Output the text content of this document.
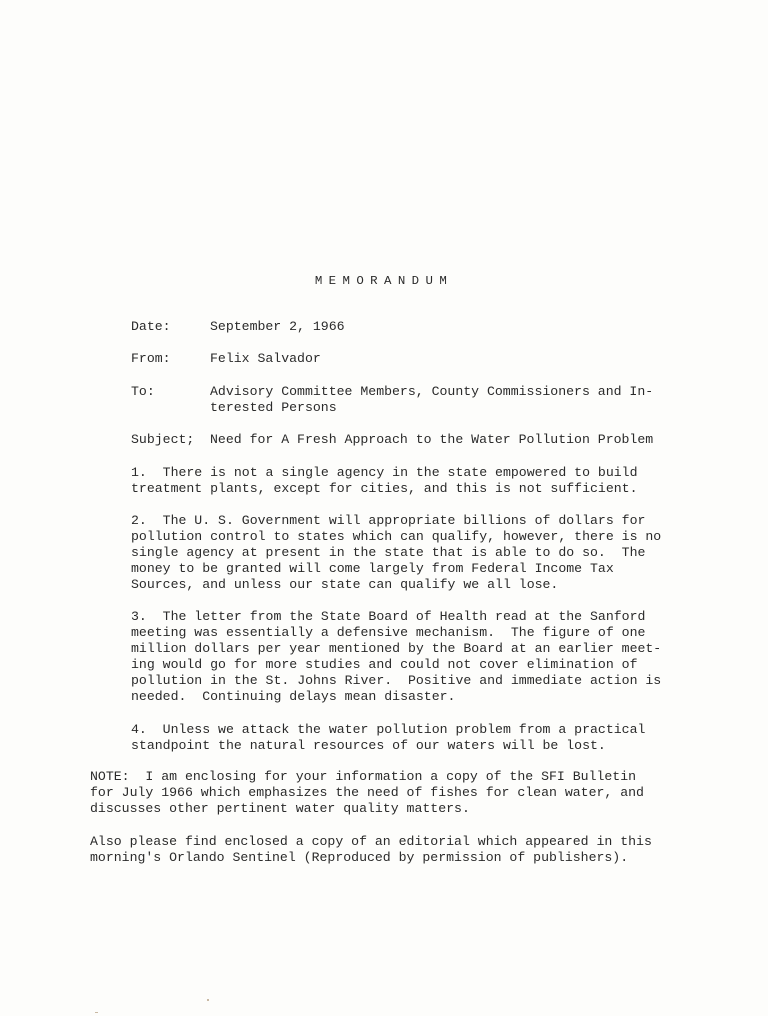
MEMORANDUM
Date:	September 2, 1966
From:	Felix Salvador
To:	Advisory Committee Members, County Commissioners and In-
terested Persons
Subject; Need for A Fresh Approach to the Water Pollution Problem
1.  There is not a single agency in the state empowered to build
treatment plants, except for cities, and this is not sufficient.
2.  The U. S. Government will appropriate billions of dollars for
pollution control to states which can qualify, however, there is no
single agency at present in the state that is able to do so.  The
money to be granted will come largely from Federal Income Tax
Sources, and unless our state can qualify we all lose.
3.  The letter from the State Board of Health read at the Sanford
meeting was essentially a defensive mechanism.  The figure of one
million dollars per year mentioned by the Board at an earlier meet-
ing would go for more studies and could not cover elimination of
pollution in the St. Johns River.  Positive and immediate action is
needed.  Continuing delays mean disaster.
4.  Unless we attack the water pollution problem from a practical
standpoint the natural resources of our waters will be lost.
NOTE:  I am enclosing for your information a copy of the SFI Bulletin
for July 1966 which emphasizes the need of fishes for clean water, and
discusses other pertinent water quality matters.
Also please find enclosed a copy of an editorial which appeared in this
morning's Orlando Sentinel (Reproduced by permission of publishers).
